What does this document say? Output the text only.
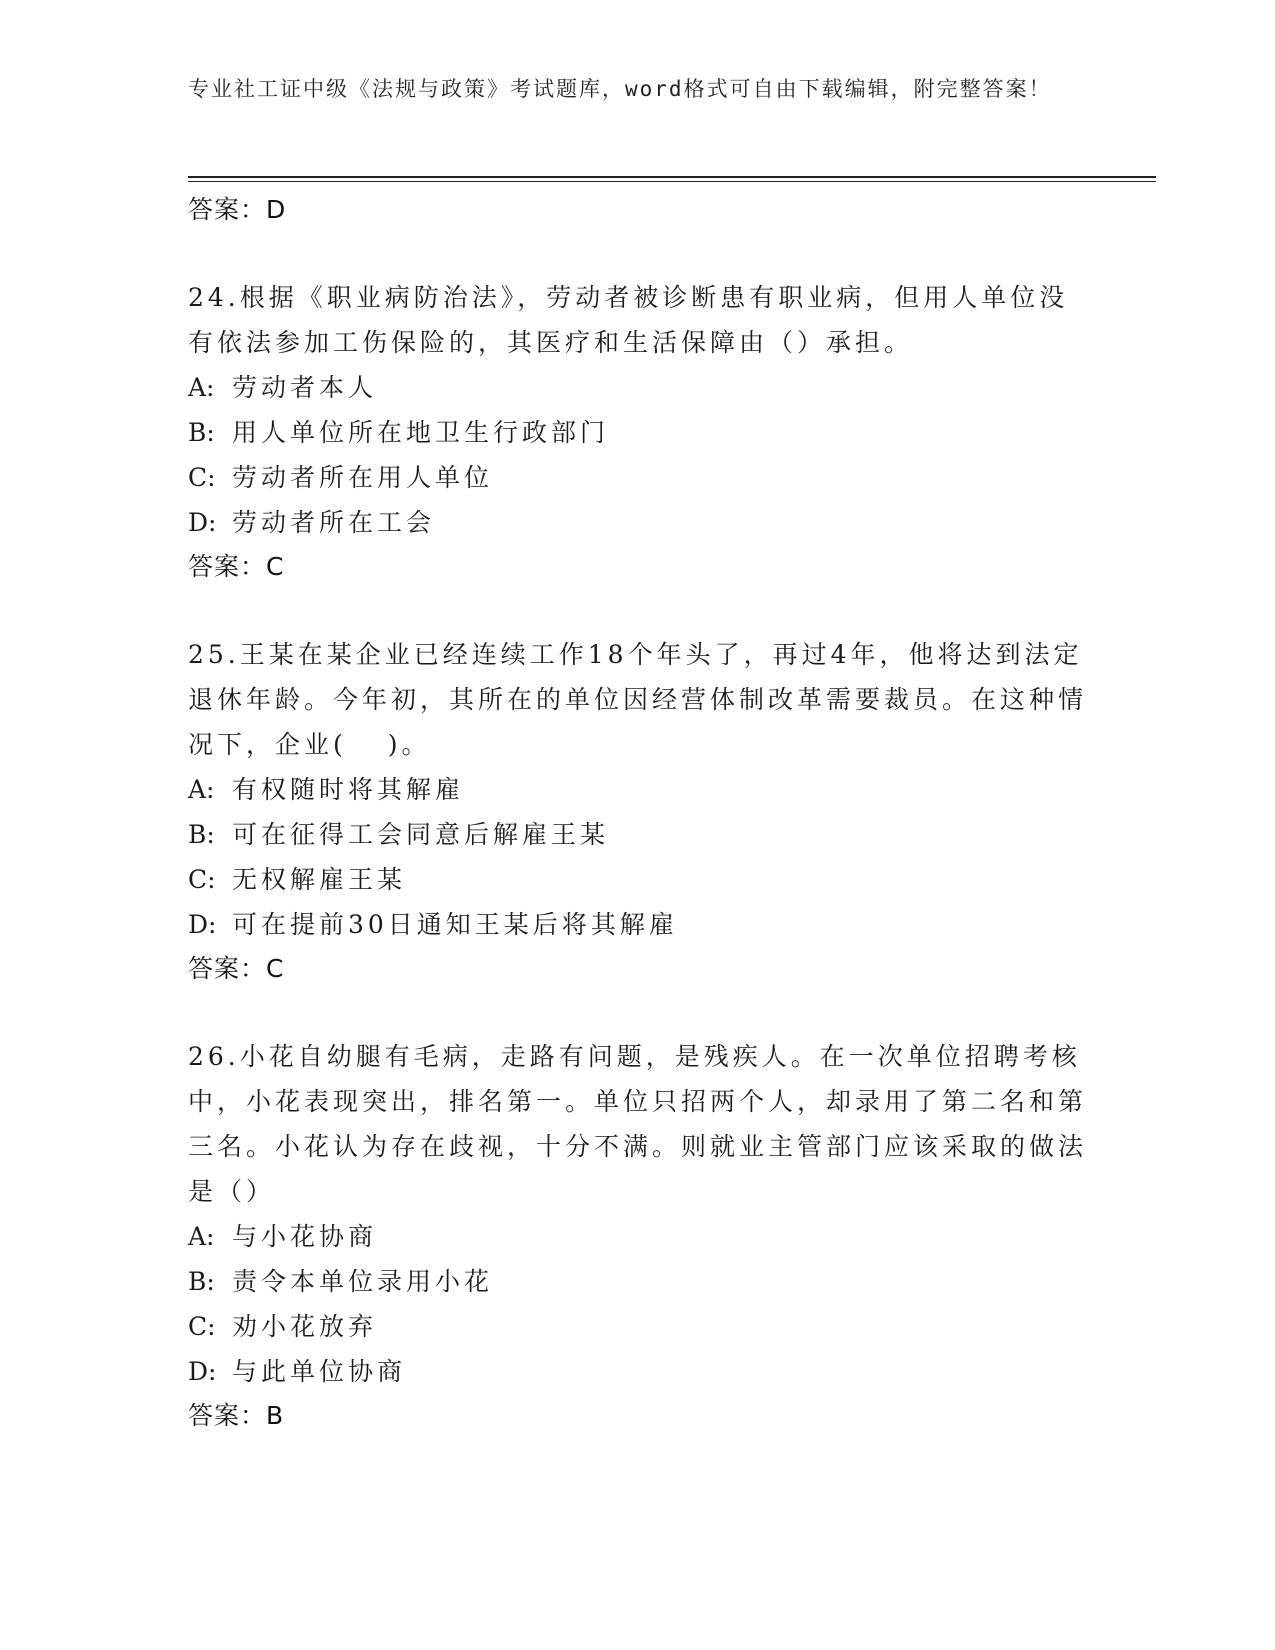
专业社工证中级《法规与政策》考试题库，word格式可自由下载编辑，附完整答案！
答案：D
24.根据《职业病防治法》，劳动者被诊断患有职业病，但用人单位没有依法参加工伤保险的，其医疗和生活保障由（）承担。
A: 劳动者本人
B: 用人单位所在地卫生行政部门
C: 劳动者所在用人单位
D: 劳动者所在工会
答案：C
25.王某在某企业已经连续工作18个年头了，再过4年，他将达到法定退休年龄。今年初，其所在的单位因经营体制改革需要裁员。在这种情况下，企业(　 )。
A: 有权随时将其解雇
B: 可在征得工会同意后解雇王某
C: 无权解雇王某
D: 可在提前30日通知王某后将其解雇
答案：C
26.小花自幼腿有毛病，走路有问题，是残疾人。在一次单位招聘考核中，小花表现突出，排名第一。单位只招两个人，却录用了第二名和第三名。小花认为存在歧视，十分不满。则就业主管部门应该采取的做法是（）
A: 与小花协商
B: 责令本单位录用小花
C: 劝小花放弃
D: 与此单位协商
答案：B
